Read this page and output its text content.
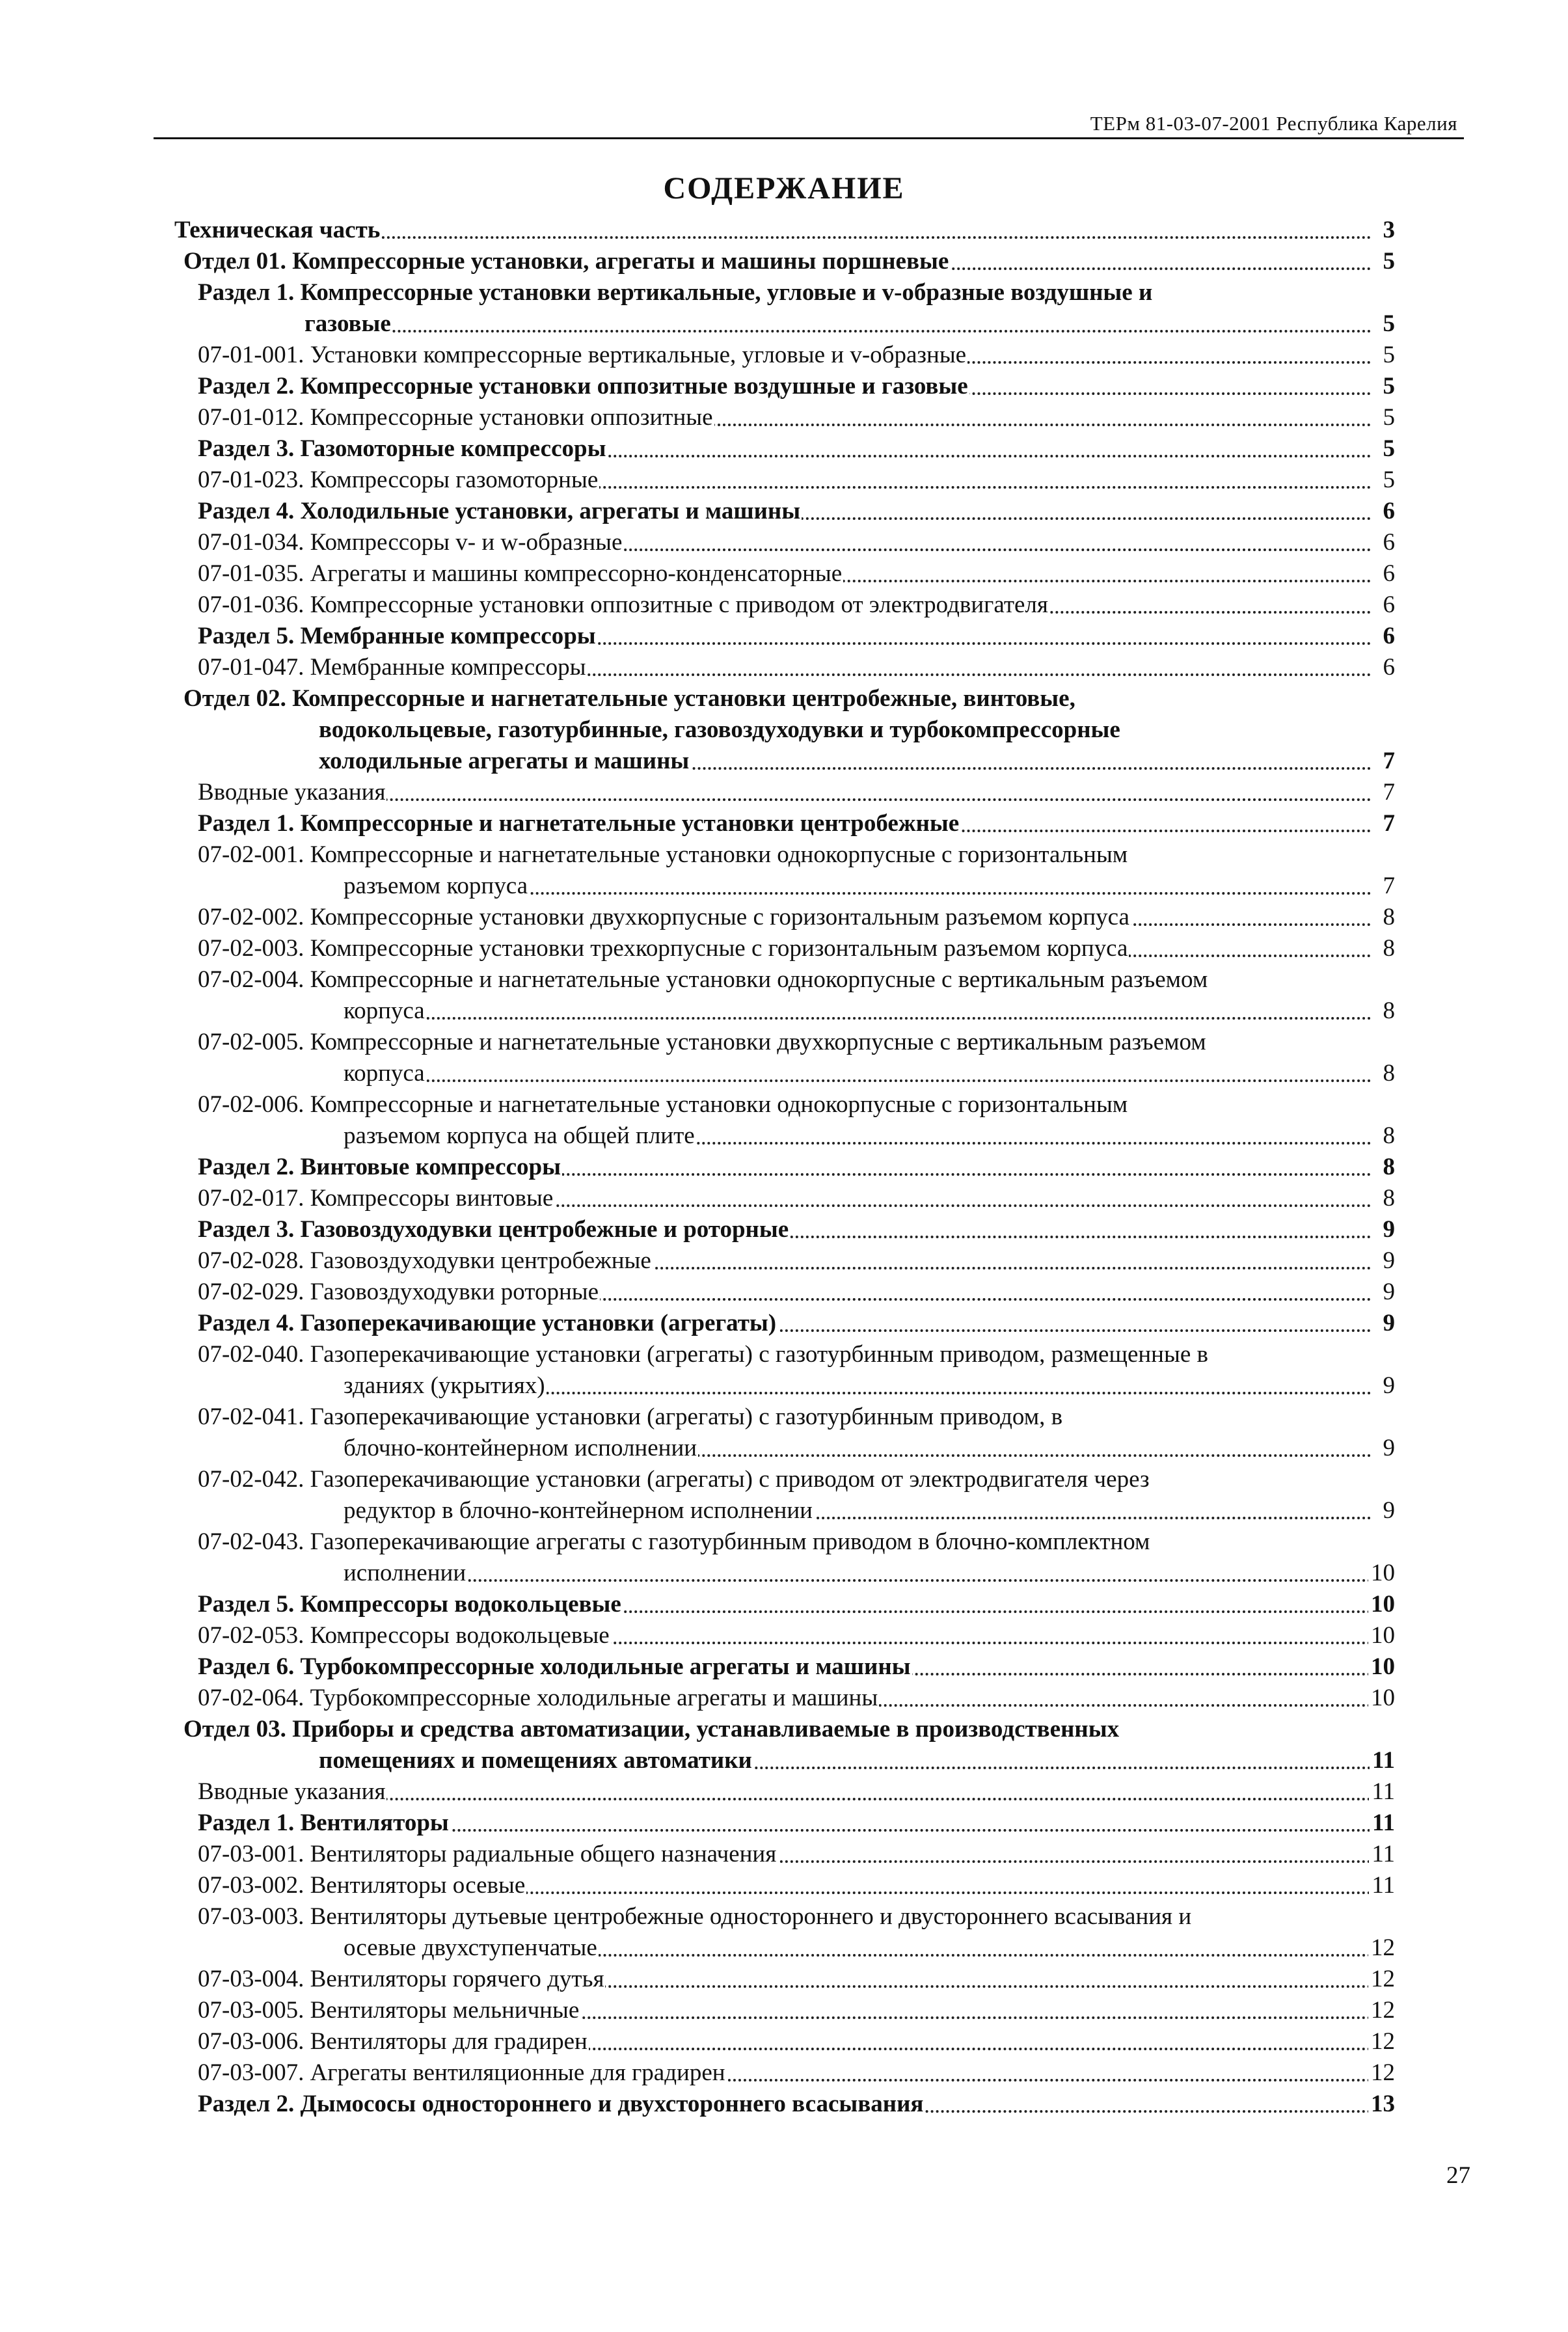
ТЕРм 81-03-07-2001 Республика Карелия
СОДЕРЖАНИЕ
Техническая часть	3
Отдел 01. Компрессорные установки, агрегаты и машины поршневые	5
Раздел 1. Компрессорные установки вертикальные, угловые и v-образные воздушные и
газовые	5
07-01-001. Установки компрессорные вертикальные, угловые и v-образные	5
Раздел 2. Компрессорные установки оппозитные воздушные и газовые	5
07-01-012. Компрессорные установки оппозитные	5
Раздел 3. Газомоторные компрессоры	5
07-01-023. Компрессоры газомоторные	5
Раздел 4. Холодильные установки, агрегаты и машины	6
07-01-034. Компрессоры v- и w-образные	6
07-01-035. Агрегаты и машины компрессорно-конденсаторные	6
07-01-036. Компрессорные установки оппозитные с приводом от электродвигателя	6
Раздел 5. Мембранные компрессоры	6
07-01-047. Мембранные компрессоры	6
Отдел 02. Компрессорные и нагнетательные установки центробежные, винтовые,
водокольцевые, газотурбинные, газовоздуходувки и турбокомпрессорные
холодильные агрегаты и машины	7
Вводные указания	7
Раздел 1. Компрессорные и нагнетательные установки центробежные	7
07-02-001. Компрессорные и нагнетательные установки однокорпусные с горизонтальным
разъемом корпуса	7
07-02-002. Компрессорные установки двухкорпусные с горизонтальным разъемом корпуса	8
07-02-003. Компрессорные установки трехкорпусные с горизонтальным разъемом корпуса	8
07-02-004. Компрессорные и нагнетательные установки однокорпусные с вертикальным разъемом
корпуса	8
07-02-005. Компрессорные и нагнетательные установки двухкорпусные с вертикальным разъемом
корпуса	8
07-02-006. Компрессорные и нагнетательные установки однокорпусные с горизонтальным
разъемом корпуса на общей плите	8
Раздел 2. Винтовые компрессоры	8
07-02-017. Компрессоры винтовые	8
Раздел 3. Газовоздуходувки центробежные и роторные	9
07-02-028. Газовоздуходувки центробежные	9
07-02-029. Газовоздуходувки роторные	9
Раздел 4. Газоперекачивающие установки (агрегаты)	9
07-02-040. Газоперекачивающие установки (агрегаты) с газотурбинным приводом, размещенные в
зданиях (укрытиях)	9
07-02-041. Газоперекачивающие установки (агрегаты) с газотурбинным приводом, в
блочно-контейнерном исполнении	9
07-02-042. Газоперекачивающие установки (агрегаты) с приводом от электродвигателя через
редуктор в блочно-контейнерном исполнении	9
07-02-043. Газоперекачивающие агрегаты с газотурбинным приводом в блочно-комплектном
исполнении	10
Раздел 5. Компрессоры водокольцевые	10
07-02-053. Компрессоры водокольцевые	10
Раздел 6. Турбокомпрессорные холодильные агрегаты и машины	10
07-02-064. Турбокомпрессорные холодильные агрегаты и машины	10
Отдел 03. Приборы и средства автоматизации, устанавливаемые в производственных
помещениях и помещениях автоматики	11
Вводные указания	11
Раздел 1. Вентиляторы	11
07-03-001. Вентиляторы радиальные общего назначения	11
07-03-002. Вентиляторы осевые	11
07-03-003. Вентиляторы дутьевые центробежные одностороннего и двустороннего всасывания и
осевые двухступенчатые	12
07-03-004. Вентиляторы горячего дутья	12
07-03-005. Вентиляторы мельничные	12
07-03-006. Вентиляторы для градирен	12
07-03-007. Агрегаты вентиляционные для градирен	12
Раздел 2. Дымососы одностороннего и двухстороннего всасывания	13
27
